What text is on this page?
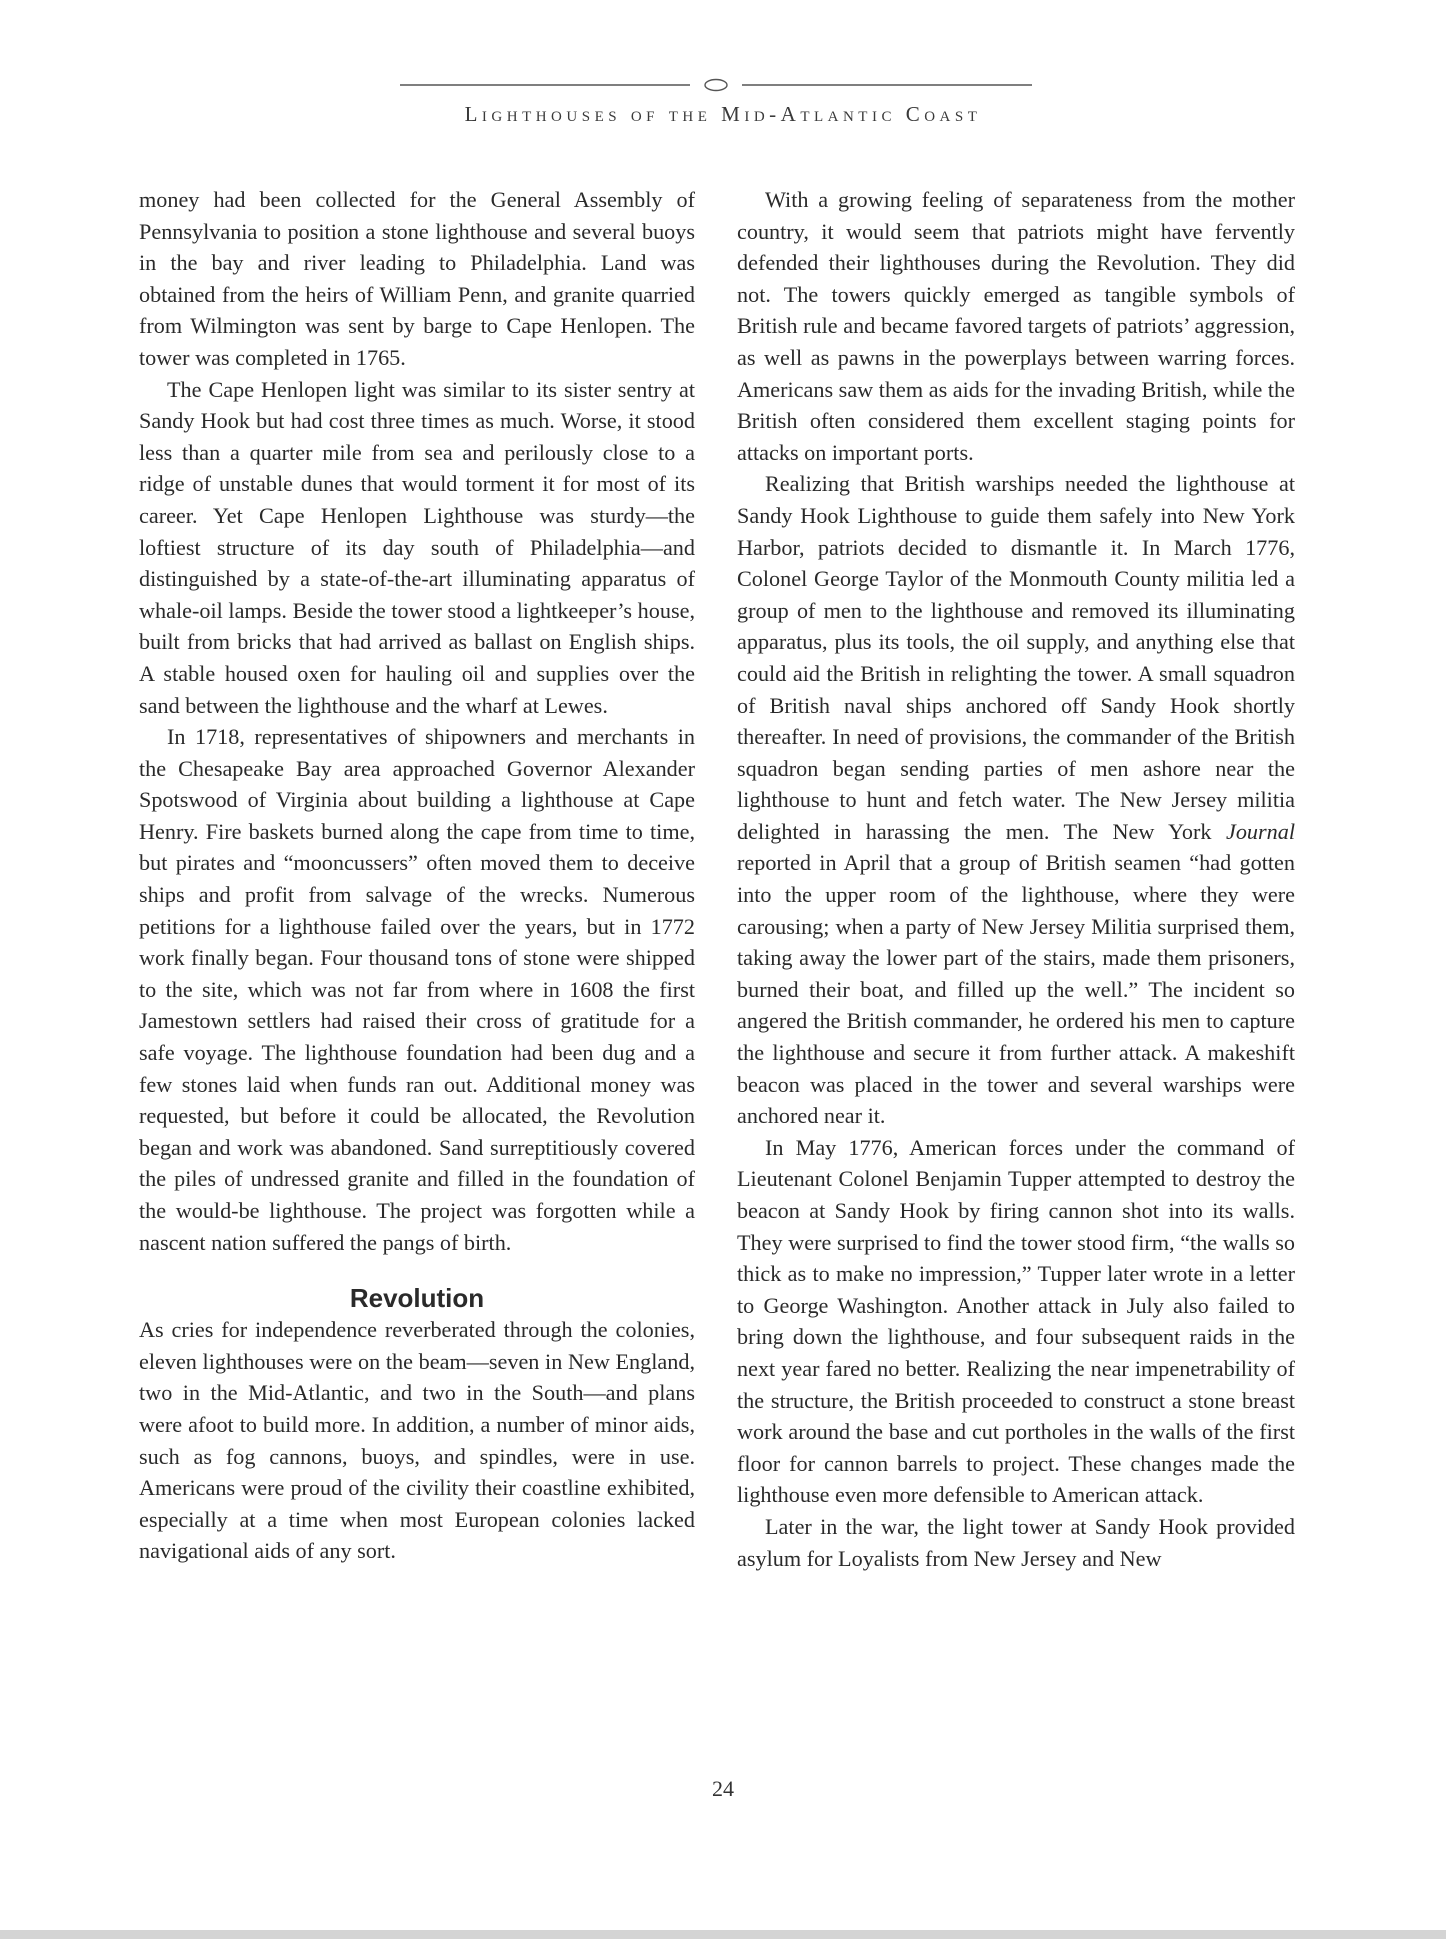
Lighthouses of the Mid-Atlantic Coast

money had been collected for the General Assembly of Pennsylvania to position a stone lighthouse and several buoys in the bay and river leading to Philadelphia. Land was obtained from the heirs of William Penn, and granite quarried from Wilmington was sent by barge to Cape Henlopen. The tower was completed in 1765.

The Cape Henlopen light was similar to its sister sentry at Sandy Hook but had cost three times as much. Worse, it stood less than a quarter mile from sea and perilously close to a ridge of unstable dunes that would torment it for most of its career. Yet Cape Henlopen Lighthouse was sturdy—the loftiest structure of its day south of Philadelphia—and distinguished by a state-of-the-art illuminating apparatus of whale-oil lamps. Beside the tower stood a lightkeeper’s house, built from bricks that had arrived as ballast on English ships. A stable housed oxen for hauling oil and supplies over the sand between the lighthouse and the wharf at Lewes.

In 1718, representatives of shipowners and merchants in the Chesapeake Bay area approached Governor Alexander Spotswood of Virginia about building a lighthouse at Cape Henry. Fire baskets burned along the cape from time to time, but pirates and “mooncussers” often moved them to deceive ships and profit from salvage of the wrecks. Numerous petitions for a lighthouse failed over the years, but in 1772 work finally began. Four thousand tons of stone were shipped to the site, which was not far from where in 1608 the first Jamestown settlers had raised their cross of gratitude for a safe voyage. The lighthouse foundation had been dug and a few stones laid when funds ran out. Additional money was requested, but before it could be allocated, the Revolution began and work was abandoned. Sand surreptitiously covered the piles of undressed granite and filled in the foundation of the would-be lighthouse. The project was forgotten while a nascent nation suffered the pangs of birth.

Revolution

As cries for independence reverberated through the colonies, eleven lighthouses were on the beam—seven in New England, two in the Mid-Atlantic, and two in the South—and plans were afoot to build more. In addition, a number of minor aids, such as fog cannons, buoys, and spindles, were in use. Americans were proud of the civility their coastline exhibited, especially at a time when most European colonies lacked navigational aids of any sort.

With a growing feeling of separateness from the mother country, it would seem that patriots might have fervently defended their lighthouses during the Revolution. They did not. The towers quickly emerged as tangible symbols of British rule and became favored targets of patriots’ aggression, as well as pawns in the powerplays between warring forces. Americans saw them as aids for the invading British, while the British often considered them excellent staging points for attacks on important ports.

Realizing that British warships needed the lighthouse at Sandy Hook Lighthouse to guide them safely into New York Harbor, patriots decided to dismantle it. In March 1776, Colonel George Taylor of the Monmouth County militia led a group of men to the lighthouse and removed its illuminating apparatus, plus its tools, the oil supply, and anything else that could aid the British in relighting the tower. A small squadron of British naval ships anchored off Sandy Hook shortly thereafter. In need of provisions, the commander of the British squadron began sending parties of men ashore near the lighthouse to hunt and fetch water. The New Jersey militia delighted in harassing the men. The New York Journal reported in April that a group of British seamen “had gotten into the upper room of the lighthouse, where they were carousing; when a party of New Jersey Militia surprised them, taking away the lower part of the stairs, made them prisoners, burned their boat, and filled up the well.” The incident so angered the British commander, he ordered his men to capture the lighthouse and secure it from further attack. A makeshift beacon was placed in the tower and several warships were anchored near it.

In May 1776, American forces under the command of Lieutenant Colonel Benjamin Tupper attempted to destroy the beacon at Sandy Hook by firing cannon shot into its walls. They were surprised to find the tower stood firm, “the walls so thick as to make no impression,” Tupper later wrote in a letter to George Washington. Another attack in July also failed to bring down the lighthouse, and four subsequent raids in the next year fared no better. Realizing the near impenetrability of the structure, the British proceeded to construct a stone breast work around the base and cut portholes in the walls of the first floor for cannon barrels to project. These changes made the lighthouse even more defensible to American attack.

Later in the war, the light tower at Sandy Hook provided asylum for Loyalists from New Jersey and New

24
